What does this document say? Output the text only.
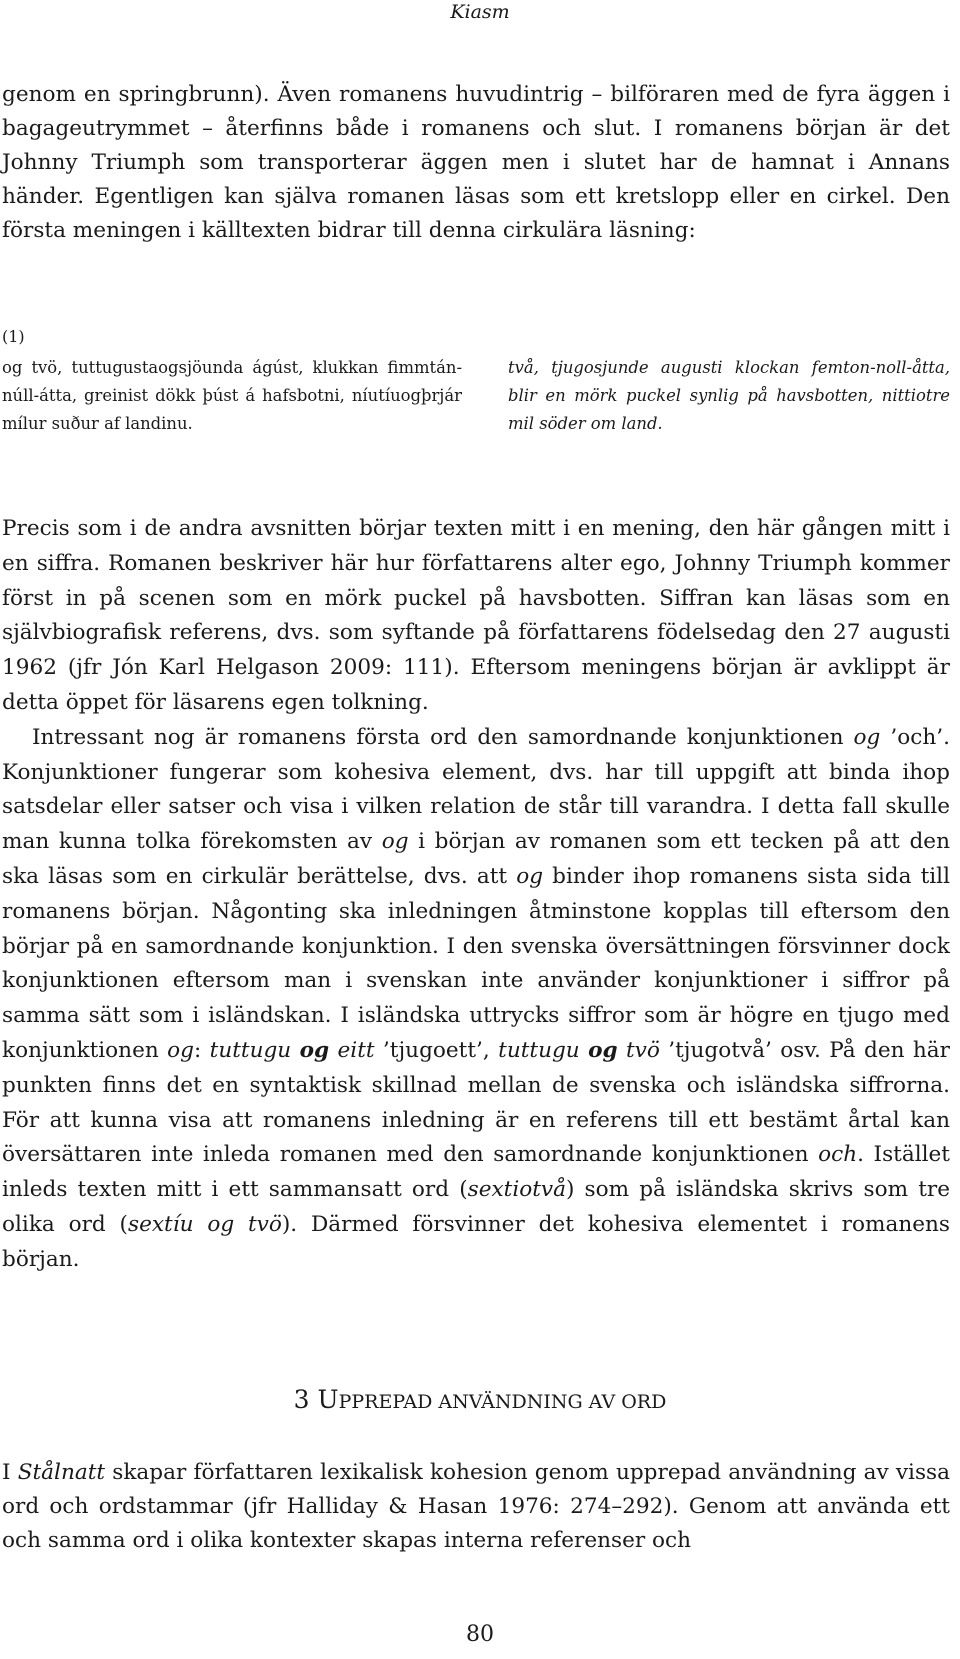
Kiasm

genom en springbrunn). Även romanens huvudintrig – bilföraren med de fyra äggen i bagageutrymmet – återfinns både i romanens och slut. I romanens början är det Johnny Triumph som transporterar äggen men i slutet har de hamnat i Annans händer. Egentligen kan själva romanen läsas som ett kretslopp eller en cirkel. Den första meningen i källtexten bidrar till denna cirkulära läsning:

(1)
og tvö, tuttugustaogsjöunda ágúst, klukkan fimmtán-núll-átta, greinist dökk þúst á hafsbotni, níutíuogþrjár mílur suður af landinu.
två, tjugosjunde augusti klockan femton-noll-åtta, blir en mörk puckel synlig på havsbotten, nittiotre mil söder om land.
Precis som i de andra avsnitten börjar texten mitt i en mening, den här gången mitt i en siffra. Romanen beskriver här hur författarens alter ego, Johnny Triumph kommer först in på scenen som en mörk puckel på havsbotten. Siffran kan läsas som en självbiografisk referens, dvs. som syftande på författarens födelsedag den 27 augusti 1962 (jfr Jón Karl Helgason 2009: 111). Eftersom meningens början är avklippt är detta öppet för läsarens egen tolkning.
Intressant nog är romanens första ord den samordnande konjunktionen og ’och’. Konjunktioner fungerar som kohesiva element, dvs. har till uppgift att binda ihop satsdelar eller satser och visa i vilken relation de står till varandra. I detta fall skulle man kunna tolka förekomsten av og i början av romanen som ett tecken på att den ska läsas som en cirkulär berättelse, dvs. att og binder ihop romanens sista sida till romanens början. Någonting ska inledningen åtminstone kopplas till eftersom den börjar på en samordnande konjunktion. I den svenska översättningen försvinner dock konjunktionen eftersom man i svenskan inte använder konjunktioner i siffror på samma sätt som i isländskan. I isländska uttrycks siffror som är högre en tjugo med konjunktionen og: tuttugu og eitt ’tjugoett’, tuttugu og tvö ’tjugotvå’ osv. På den här punkten finns det en syntaktisk skillnad mellan de svenska och isländska siffrorna. För att kunna visa att romanens inledning är en referens till ett bestämt årtal kan översättaren inte inleda romanen med den samordnande konjunktionen och. Istället inleds texten mitt i ett sammansatt ord (sextiotvå) som på isländska skrivs som tre olika ord (sextíu og tvö). Därmed försvinner det kohesiva elementet i romanens början.
3 UPPREPAD ANVÄNDNING AV ORD
I Stålnatt skapar författaren lexikalisk kohesion genom upprepad användning av vissa ord och ordstammar (jfr Halliday & Hasan 1976: 274–292). Genom att använda ett och samma ord i olika kontexter skapas interna referenser och
80
